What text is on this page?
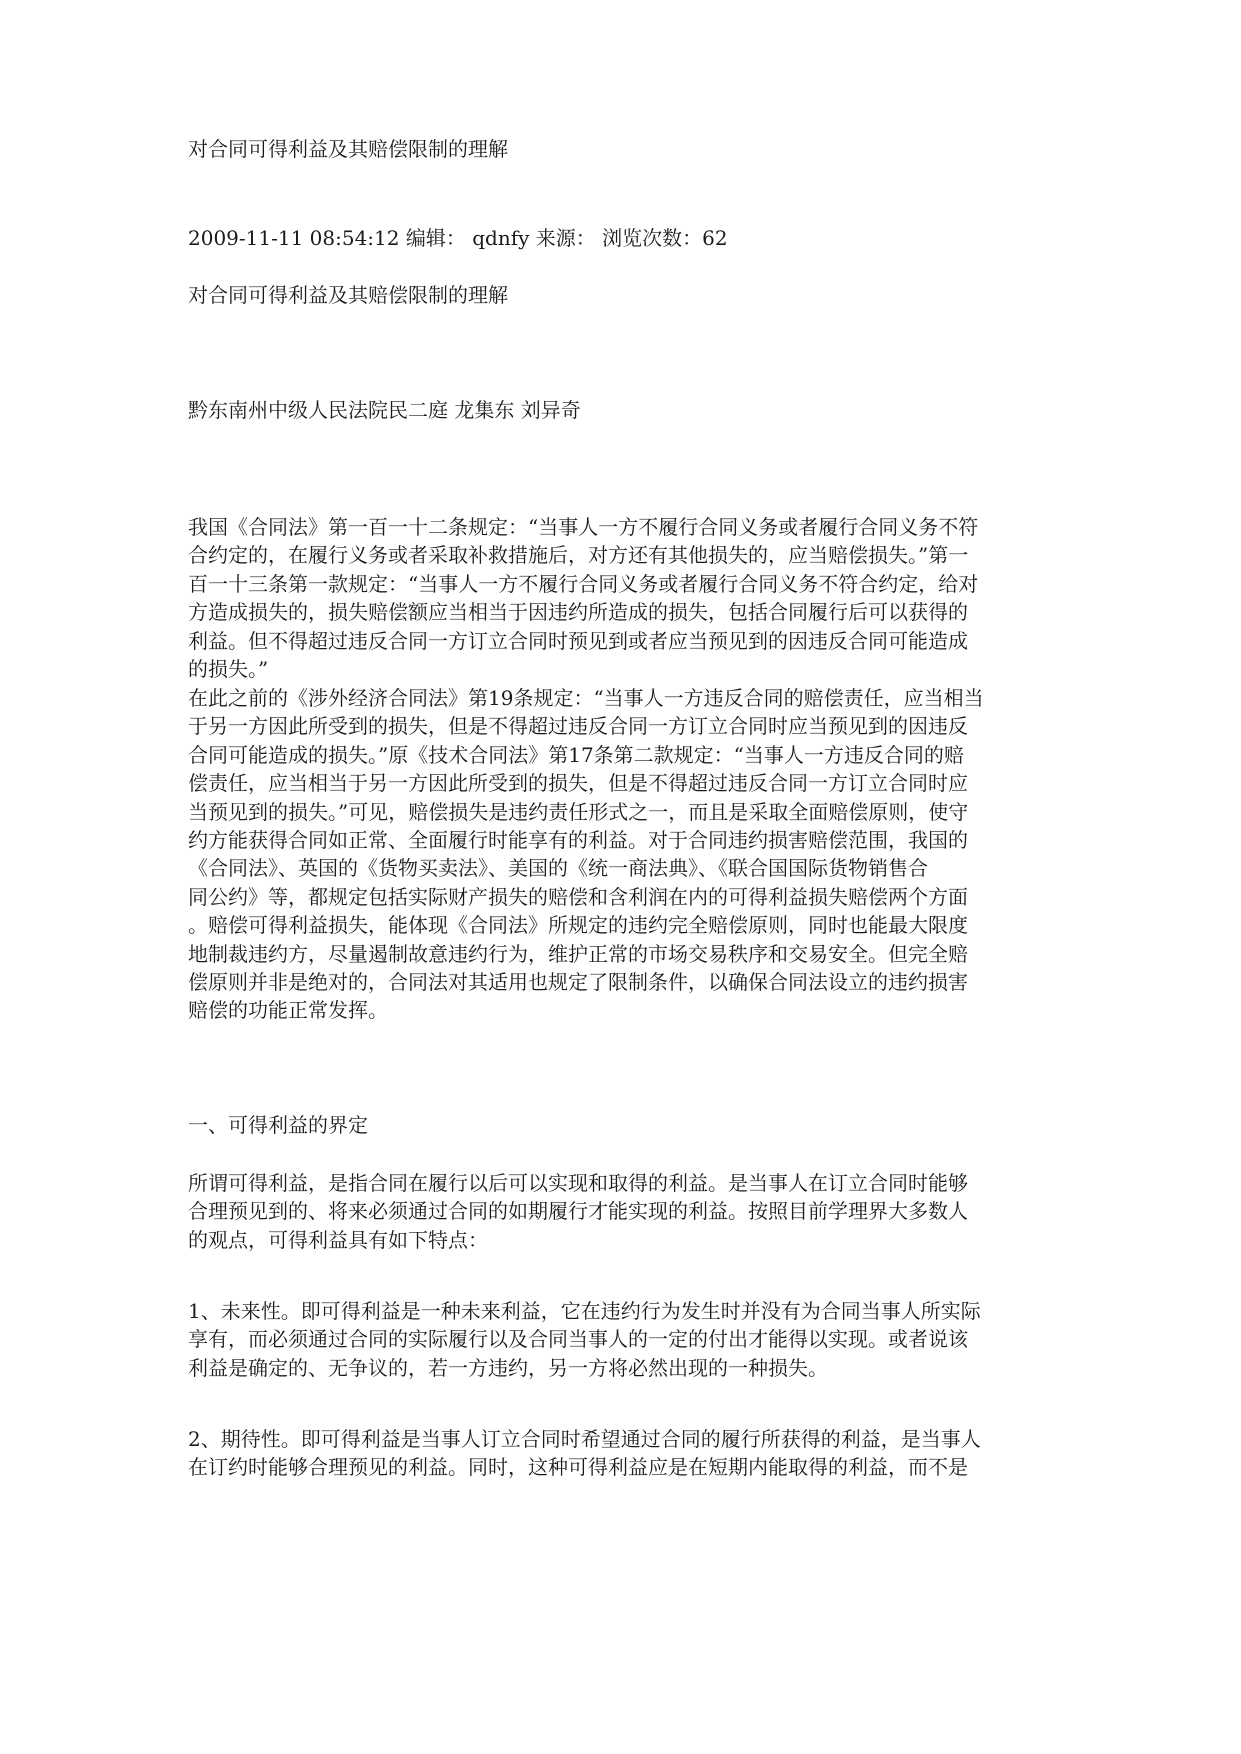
对合同可得利益及其赔偿限制的理解
2009-11-11 08:54:12 编辑： qdnfy 来源： 浏览次数：62
对合同可得利益及其赔偿限制的理解
黔东南州中级人民法院民二庭 龙集东 刘异奇
我国《合同法》第一百一十二条规定：“当事人一方不履行合同义务或者履行合同义务不符
合约定的，在履行义务或者采取补救措施后，对方还有其他损失的，应当赔偿损失。”第一
百一十三条第一款规定：“当事人一方不履行合同义务或者履行合同义务不符合约定，给对
方造成损失的，损失赔偿额应当相当于因违约所造成的损失，包括合同履行后可以获得的
利益。但不得超过违反合同一方订立合同时预见到或者应当预见到的因违反合同可能造成
的损失。”
在此之前的《涉外经济合同法》第19条规定：“当事人一方违反合同的赔偿责任，应当相当
于另一方因此所受到的损失，但是不得超过违反合同一方订立合同时应当预见到的因违反
合同可能造成的损失。”原《技术合同法》第17条第二款规定：“当事人一方违反合同的赔
偿责任，应当相当于另一方因此所受到的损失，但是不得超过违反合同一方订立合同时应
当预见到的损失。”可见，赔偿损失是违约责任形式之一，而且是采取全面赔偿原则，使守
约方能获得合同如正常、全面履行时能享有的利益。对于合同违约损害赔偿范围，我国的
《合同法》、英国的《货物买卖法》、美国的《统一商法典》、《联合国国际货物销售合
同公约》等，都规定包括实际财产损失的赔偿和含利润在内的可得利益损失赔偿两个方面
。赔偿可得利益损失，能体现《合同法》所规定的违约完全赔偿原则，同时也能最大限度
地制裁违约方，尽量遏制故意违约行为，维护正常的市场交易秩序和交易安全。但完全赔
偿原则并非是绝对的，合同法对其适用也规定了限制条件，以确保合同法设立的违约损害
赔偿的功能正常发挥。
一、可得利益的界定
所谓可得利益，是指合同在履行以后可以实现和取得的利益。是当事人在订立合同时能够
合理预见到的、将来必须通过合同的如期履行才能实现的利益。按照目前学理界大多数人
的观点，可得利益具有如下特点：
1、未来性。即可得利益是一种未来利益，它在违约行为发生时并没有为合同当事人所实际
享有，而必须通过合同的实际履行以及合同当事人的一定的付出才能得以实现。或者说该
利益是确定的、无争议的，若一方违约，另一方将必然出现的一种损失。
2、期待性。即可得利益是当事人订立合同时希望通过合同的履行所获得的利益，是当事人
在订约时能够合理预见的利益。同时，这种可得利益应是在短期内能取得的利益，而不是
